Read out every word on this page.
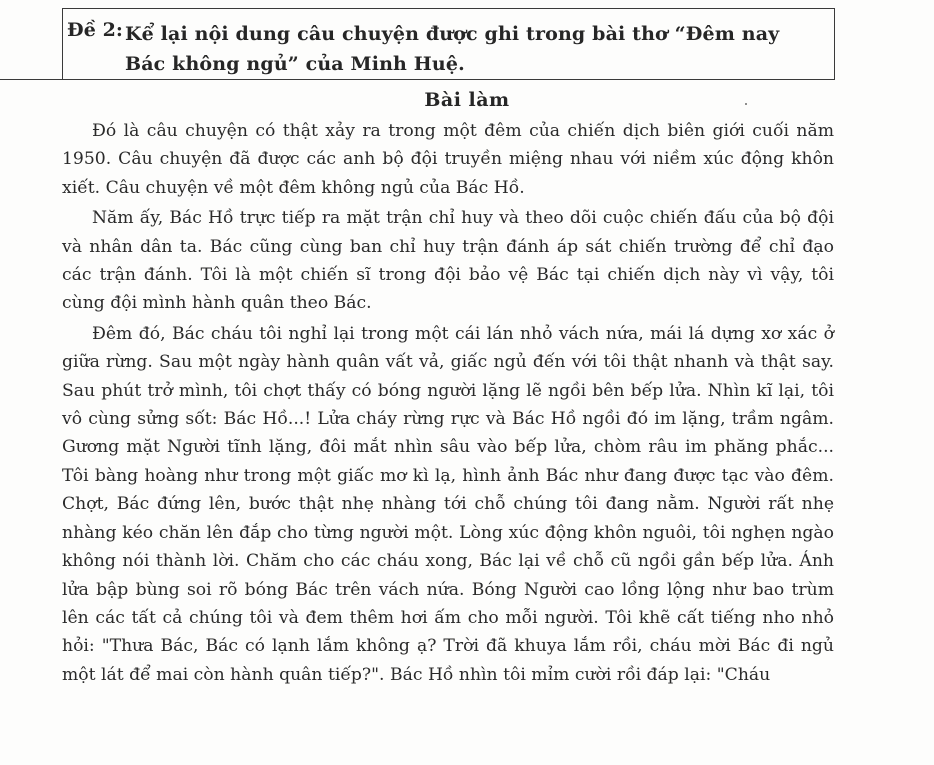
Đề 2: Kể lại nội dung câu chuyện được ghi trong bài thơ “Đêm nay Bác không ngủ” của Minh Huệ.
Bài làm

Đó là câu chuyện có thật xảy ra trong một đêm của chiến dịch biên giới cuối năm 1950. Câu chuyện đã được các anh bộ đội truyền miệng nhau với niềm xúc động khôn xiết. Câu chuyện về một đêm không ngủ của Bác Hồ.

Năm ấy, Bác Hồ trực tiếp ra mặt trận chỉ huy và theo dõi cuộc chiến đấu của bộ đội và nhân dân ta. Bác cũng cùng ban chỉ huy trận đánh áp sát chiến trường để chỉ đạo các trận đánh. Tôi là một chiến sĩ trong đội bảo vệ Bác tại chiến dịch này vì vậy, tôi cùng đội mình hành quân theo Bác.

Đêm đó, Bác cháu tôi nghỉ lại trong một cái lán nhỏ vách nứa, mái lá dựng xơ xác ở giữa rừng. Sau một ngày hành quân vất vả, giấc ngủ đến với tôi thật nhanh và thật say. Sau phút trở mình, tôi chợt thấy có bóng người lặng lẽ ngồi bên bếp lửa. Nhìn kĩ lại, tôi vô cùng sửng sốt: Bác Hồ...! Lửa cháy rừng rực và Bác Hồ ngồi đó im lặng, trầm ngâm. Gương mặt Người tĩnh lặng, đôi mắt nhìn sâu vào bếp lửa, chòm râu im phăng phắc... Tôi bàng hoàng như trong một giấc mơ kì lạ, hình ảnh Bác như đang được tạc vào đêm. Chợt, Bác đứng lên, bước thật nhẹ nhàng tới chỗ chúng tôi đang nằm. Người rất nhẹ nhàng kéo chăn lên đắp cho từng người một. Lòng xúc động khôn nguôi, tôi nghẹn ngào không nói thành lời. Chăm cho các cháu xong, Bác lại về chỗ cũ ngồi gần bếp lửa. Ánh lửa bập bùng soi rõ bóng Bác trên vách nứa. Bóng Người cao lồng lộng như bao trùm lên các tất cả chúng tôi và đem thêm hơi ấm cho mỗi người. Tôi khẽ cất tiếng nho nhỏ hỏi: "Thưa Bác, Bác có lạnh lắm không ạ? Trời đã khuya lắm rồi, cháu mời Bác đi ngủ một lát để mai còn hành quân tiếp?". Bác Hồ nhìn tôi mỉm cười rồi đáp lại: "Cháu
